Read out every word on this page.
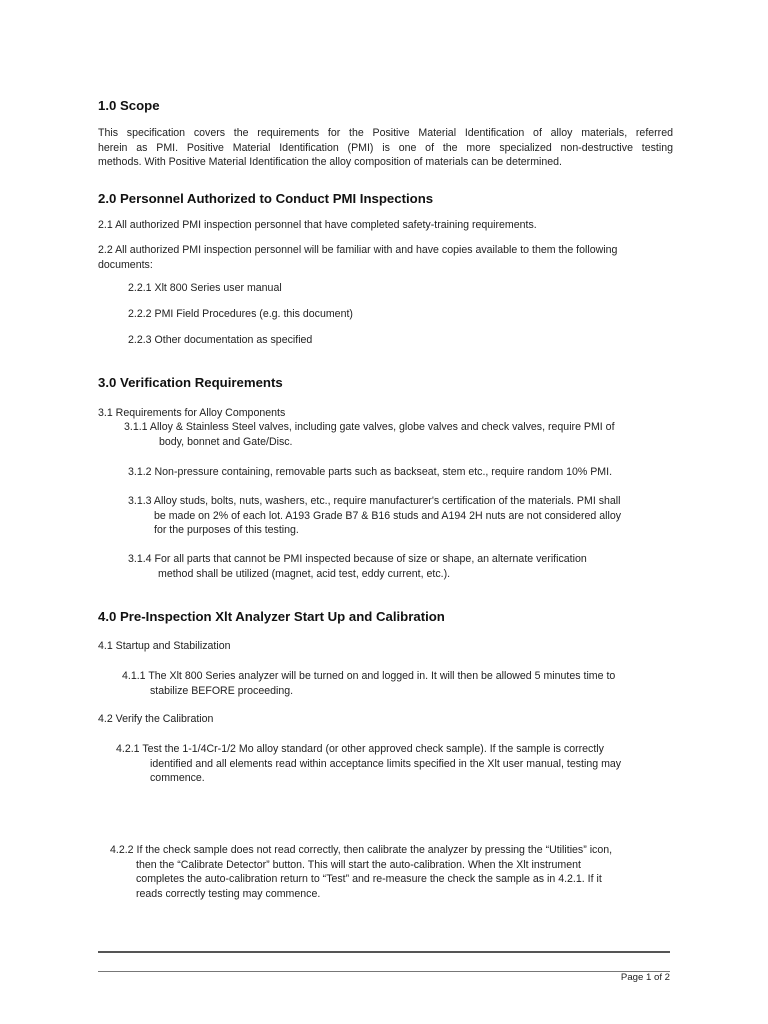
1.0 Scope
This specification covers the requirements for the Positive Material Identification of alloy materials, referred
herein as PMI. Positive Material Identification (PMI) is one of the more specialized non-destructive testing
methods. With Positive Material Identification the alloy composition of materials can be determined.
2.0 Personnel Authorized to Conduct PMI Inspections
2.1 All authorized PMI inspection personnel that have completed safety-training requirements.
2.2 All authorized PMI inspection personnel will be familiar with and have copies available to them the following
documents:
2.2.1 Xlt 800 Series user manual
2.2.2 PMI Field Procedures (e.g. this document)
2.2.3 Other documentation as specified
3.0 Verification Requirements
3.1 Requirements for Alloy Components
3.1.1 Alloy & Stainless Steel valves, including gate valves, globe valves and check valves, require PMI of
body, bonnet and Gate/Disc.
3.1.2 Non-pressure containing, removable parts such as backseat, stem etc., require random 10% PMI.
3.1.3 Alloy studs, bolts, nuts, washers, etc., require manufacturer's certification of the materials. PMI shall
be made on 2% of each lot. A193 Grade B7 & B16 studs and A194 2H nuts are not considered alloy
for the purposes of this testing.
3.1.4 For all parts that cannot be PMI inspected because of size or shape, an alternate verification
method shall be utilized (magnet, acid test, eddy current, etc.).
4.0 Pre-Inspection Xlt Analyzer Start Up and Calibration
4.1 Startup and Stabilization
4.1.1 The Xlt 800 Series analyzer will be turned on and logged in. It will then be allowed 5 minutes time to
stabilize BEFORE proceeding.
4.2 Verify the Calibration
4.2.1 Test the 1-1/4Cr-1/2 Mo alloy standard (or other approved check sample). If the sample is correctly
identified and all elements read within acceptance limits specified in the Xlt user manual, testing may
commence.
4.2.2 If the check sample does not read correctly, then calibrate the analyzer by pressing the “Utilities” icon,
then the “Calibrate Detector” button. This will start the auto-calibration. When the Xlt instrument
completes the auto-calibration return to “Test” and re-measure the check the sample as in 4.2.1. If it
reads correctly testing may commence.
Page 1 of 2
